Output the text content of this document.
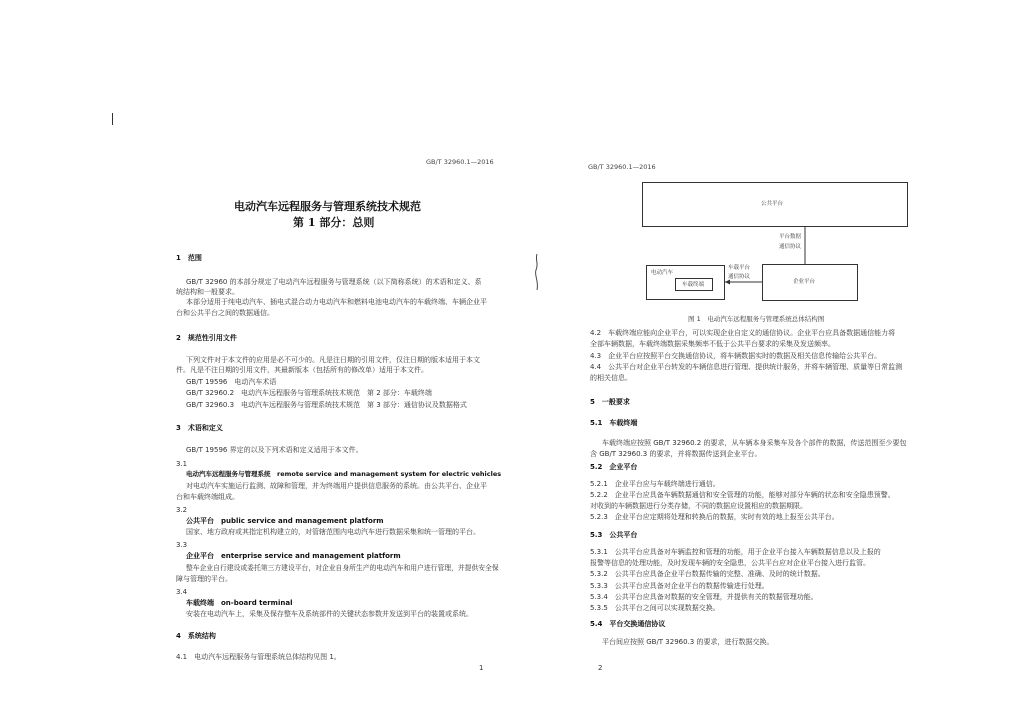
GB/T 32960.1—2016
电动汽车远程服务与管理系统技术规范
第 1 部分：总则
1　范围
GB/T 32960 的本部分规定了电动汽车远程服务与管理系统（以下简称系统）的术语和定义、系
统结构和一般要求。
本部分适用于纯电动汽车、插电式混合动力电动汽车和燃料电池电动汽车的车载终端、车辆企业平
台和公共平台之间的数据通信。
2　规范性引用文件
下列文件对于本文件的应用是必不可少的。凡是注日期的引用文件，仅注日期的版本适用于本文
件。凡是不注日期的引用文件，其最新版本（包括所有的修改单）适用于本文件。
GB/T 19596　电动汽车术语
GB/T 32960.2　电动汽车远程服务与管理系统技术规范　第 2 部分：车载终端
GB/T 32960.3　电动汽车远程服务与管理系统技术规范　第 3 部分：通信协议及数据格式
3　术语和定义
GB/T 19596 界定的以及下列术语和定义适用于本文件。
3.1
电动汽车远程服务与管理系统　remote service and management system for electric vehicles
对电动汽车实施运行监测、故障和管理，并为终端用户提供信息服务的系统。由公共平台、企业平
台和车载终端组成。
3.2
公共平台　public service and management platform
国家、地方政府或其指定机构建立的，对管辖范围内电动汽车进行数据采集和统一管理的平台。
3.3
企业平台　enterprise service and management platform
整车企业自行建设或委托第三方建设平台，对企业自身所生产的电动汽车和用户进行管理，并提供安全保
障与管理的平台。
3.4
车载终端　on-board terminal
安装在电动汽车上，采集及保存整车及系统部件的关键状态参数并发送到平台的装置或系统。
4　系统结构
4.1　电动汽车远程服务与管理系统总体结构见图 1。
1
GB/T 32960.1—2016
公共平台
平台数据
通信协议
电动汽车
车载终端
车载平台
通信协议
企业平台
图 1　电动汽车远程服务与管理系统总体结构图
4.2　车载终端应能向企业平台，可以实现企业自定义的通信协议。企业平台应具备数据通信能力将
全部车辆数据，车载终端数据采集频率不低于公共平台要求的采集及发送频率。
4.3　企业平台应按照平台交换通信协议，将车辆数据实时的数据及相关信息传输给公共平台。
4.4　公共平台对企业平台转发的车辆信息进行管理、提供统计服务，并将车辆管理、质量等日常监测
的相关信息。
5　一般要求
5.1　车载终端
车载终端应按照 GB/T 32960.2 的要求，从车辆本身采集车及各个部件的数据，传送范围至少要包
含 GB/T 32960.3 的要求，并将数据传送到企业平台。
5.2　企业平台
5.2.1　企业平台应与车载终端进行通信。
5.2.2　企业平台应具备车辆数据通信和安全管理的功能，能够对部分车辆的状态和安全隐患预警。
对收到的车辆数据进行分类存储，不同的数据应设置相应的数据期限。
5.2.3　企业平台应定期将处理和转换后的数据，实时有效的地上报至公共平台。
5.3　公共平台
5.3.1　公共平台应具备对车辆监控和管理的功能，用于企业平台接入车辆数据信息以及上报的
报警等信息的处理功能，及时发现车辆的安全隐患，公共平台应对企业平台接入进行监管。
5.3.2　公共平台应具备企业平台数据传输的完整、准确、及时的统计数据。
5.3.3　公共平台应具备对企业平台的数据传输进行处理。
5.3.4　公共平台应具备对数据的安全管理，并提供有关的数据管理功能。
5.3.5　公共平台之间可以实现数据交换。
5.4　平台交换通信协议
平台间应按照 GB/T 32960.3 的要求，进行数据交换。
2
